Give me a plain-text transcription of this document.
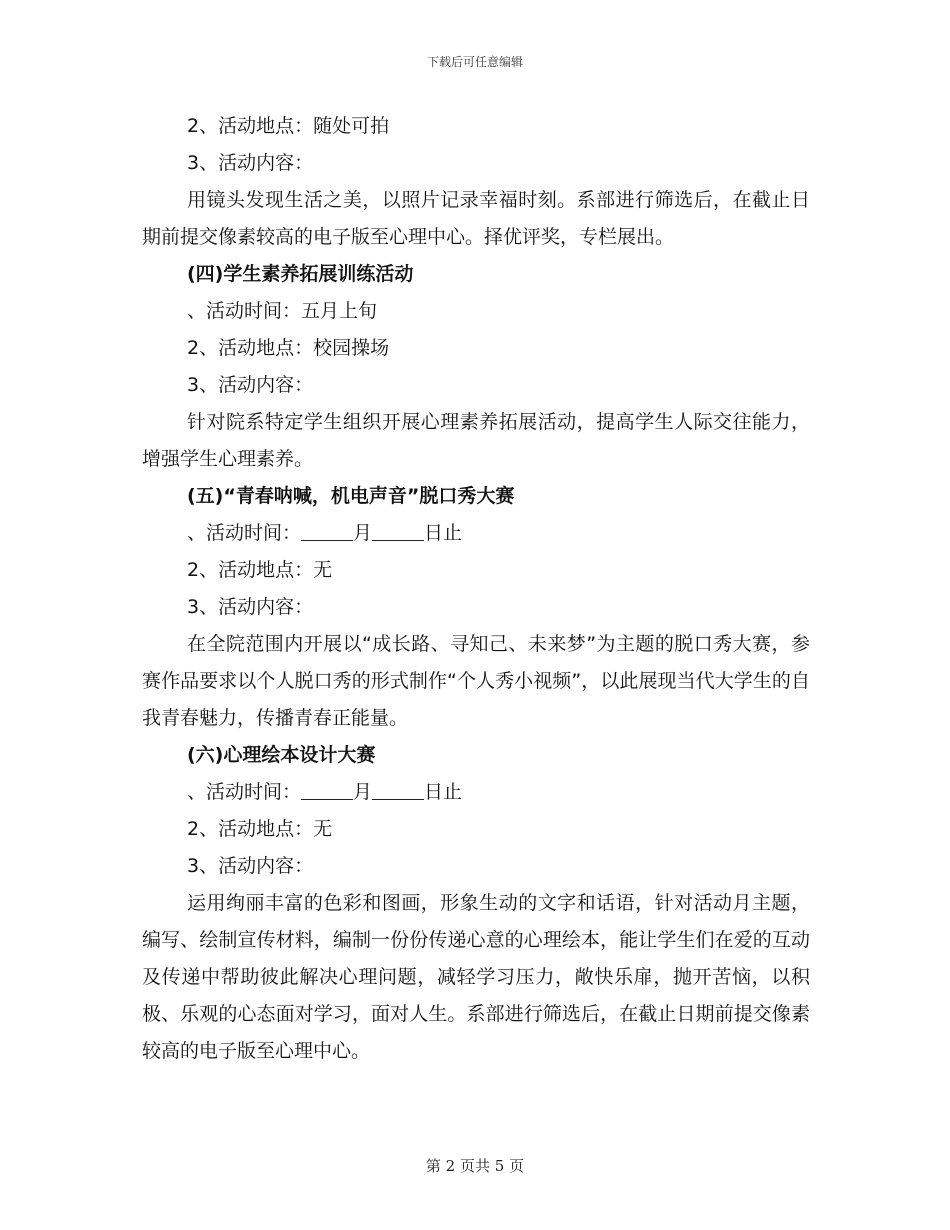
下载后可任意编辑
2、活动地点：随处可拍
3、活动内容：

用镜头发现生活之美，以照片记录幸福时刻。系部进行筛选后，在截止日期前提交像素较高的电子版至心理中心。择优评奖，专栏展出。

(四)学生素养拓展训练活动
、活动时间：五月上旬
2、活动地点：校园操场
3、活动内容：

针对院系特定学生组织开展心理素养拓展活动，提高学生人际交往能力，增强学生心理素养。

(五)“青春呐喊，机电声音”脱口秀大赛
、活动时间：	月	日止
2、活动地点：无
3、活动内容：

在全院范围内开展以“成长路、寻知己、未来梦”为主题的脱口秀大赛，参赛作品要求以个人脱口秀的形式制作“个人秀小视频”，以此展现当代大学生的自我青春魅力，传播青春正能量。

(六)心理绘本设计大赛
、活动时间：	月	日止
2、活动地点：无
3、活动内容：

运用绚丽丰富的色彩和图画，形象生动的文字和话语，针对活动月主题，编写、绘制宣传材料，编制一份份传递心意的心理绘本，能让学生们在爱的互动及传递中帮助彼此解决心理问题，减轻学习压力，敞快乐扉，抛开苦恼，以积极、乐观的心态面对学习，面对人生。系部进行筛选后，在截止日期前提交像素较高的电子版至心理中心。

第 2 页共 5 页
